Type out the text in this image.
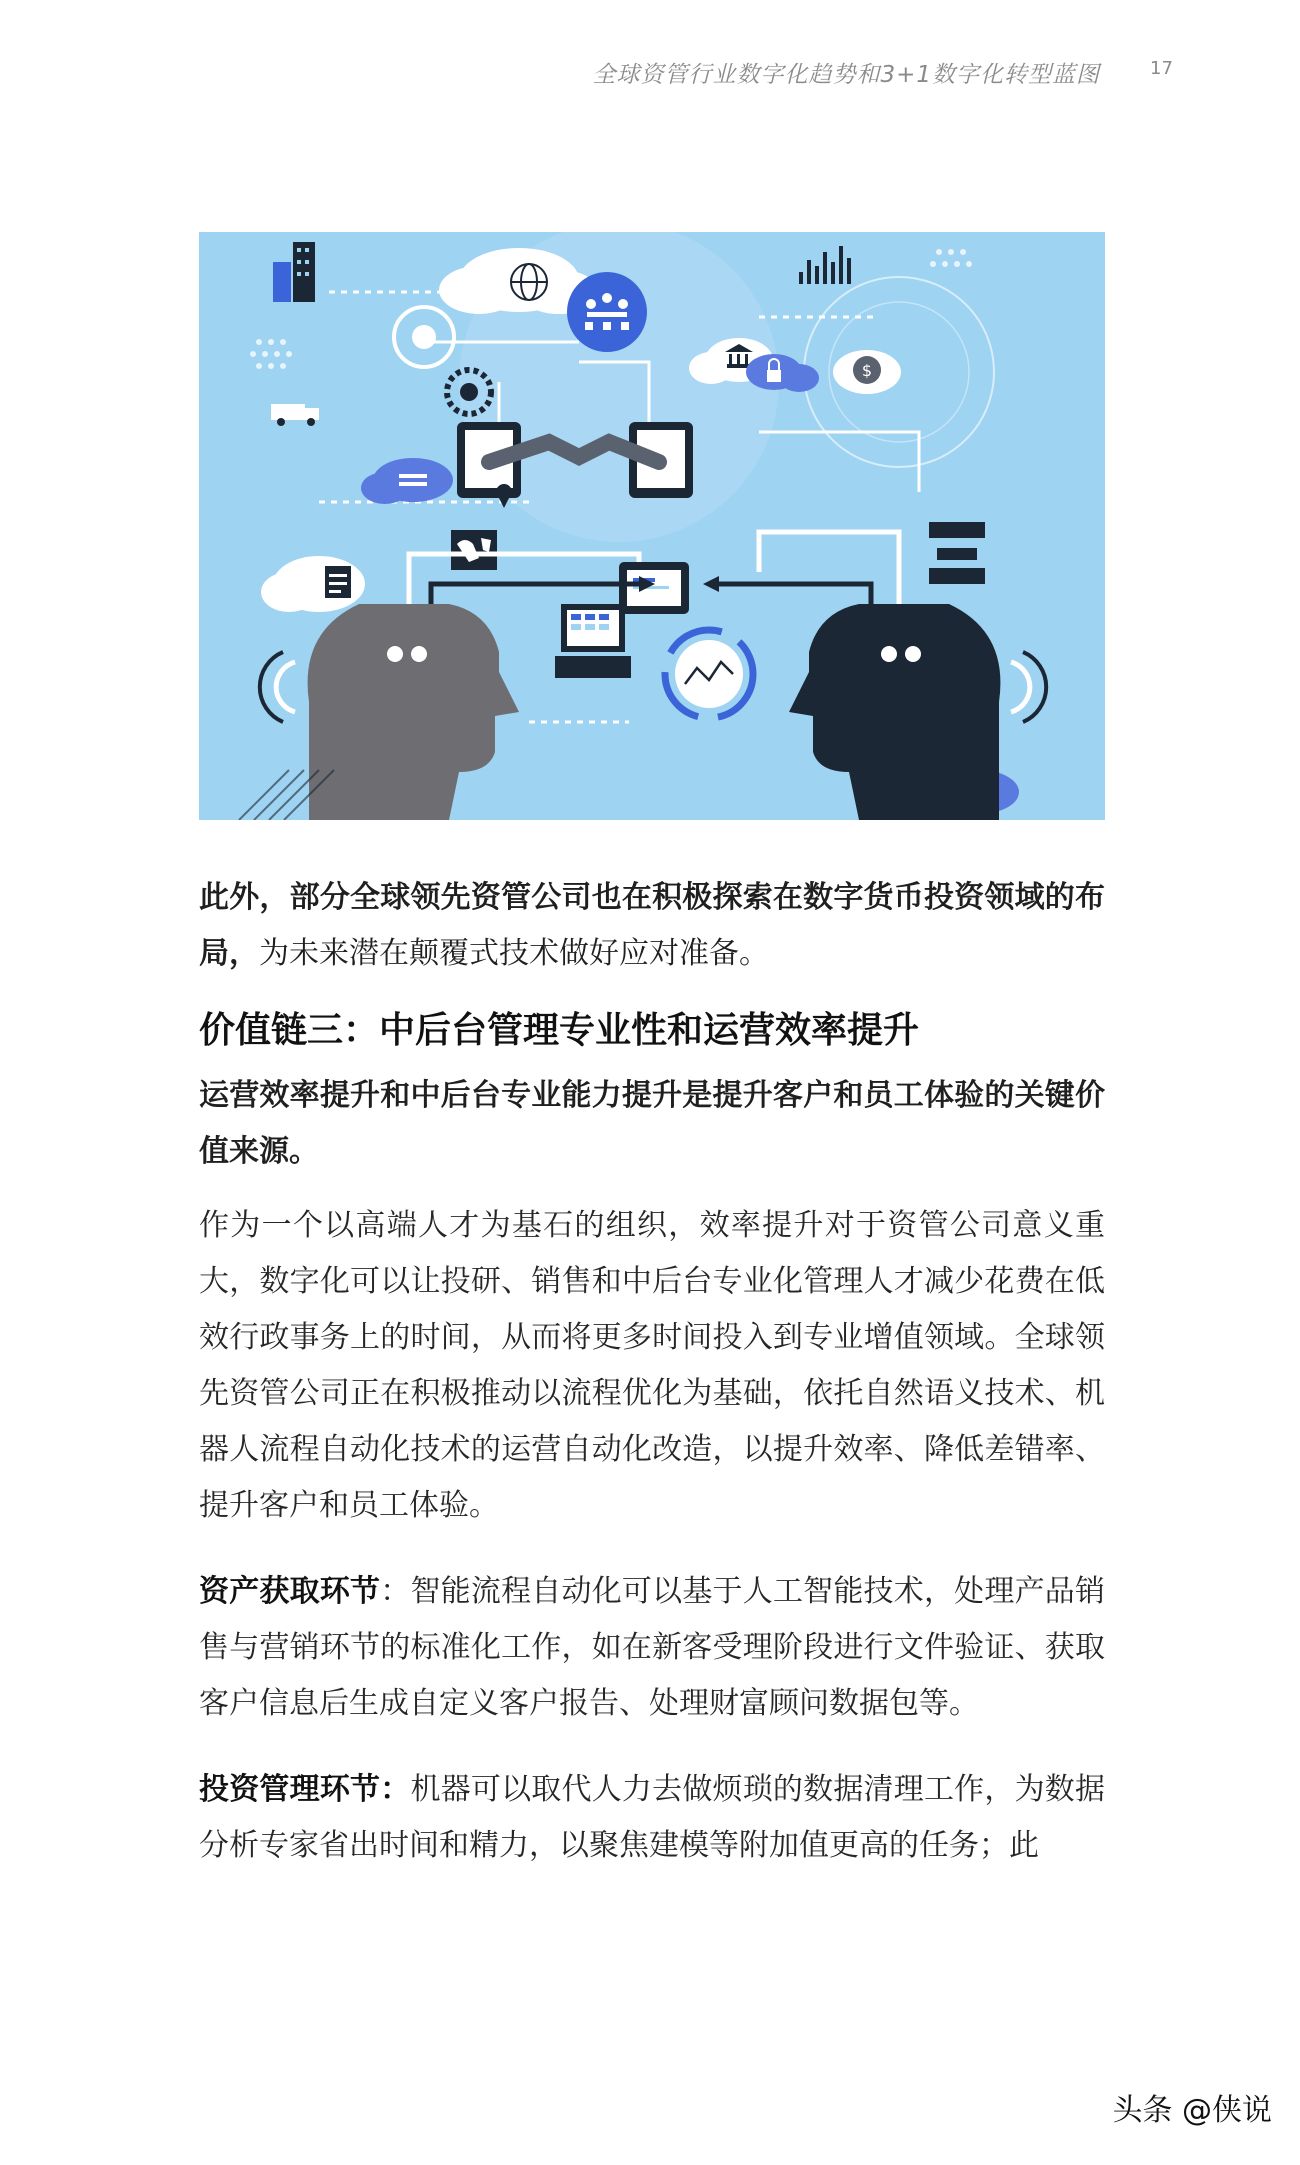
全球资管行业数字化趋势和3+1数字化转型蓝图	17
$

此外，部分全球领先资管公司也在积极探索在数字货币投资领域的布局，为未来潜在颠覆式技术做好应对准备。

价值链三：中后台管理专业性和运营效率提升

运营效率提升和中后台专业能力提升是提升客户和员工体验的关键价值来源。

作为一个以高端人才为基石的组织，效率提升对于资管公司意义重大，数字化可以让投研、销售和中后台专业化管理人才减少花费在低效行政事务上的时间，从而将更多时间投入到专业增值领域。全球领先资管公司正在积极推动以流程优化为基础，依托自然语义技术、机器人流程自动化技术的运营自动化改造，以提升效率、降低差错率、提升客户和员工体验。

资产获取环节：智能流程自动化可以基于人工智能技术，处理产品销售与营销环节的标准化工作，如在新客受理阶段进行文件验证、获取客户信息后生成自定义客户报告、处理财富顾问数据包等。

投资管理环节：机器可以取代人力去做烦琐的数据清理工作，为数据分析专家省出时间和精力，以聚焦建模等附加值更高的任务；此

头条 @侠说
